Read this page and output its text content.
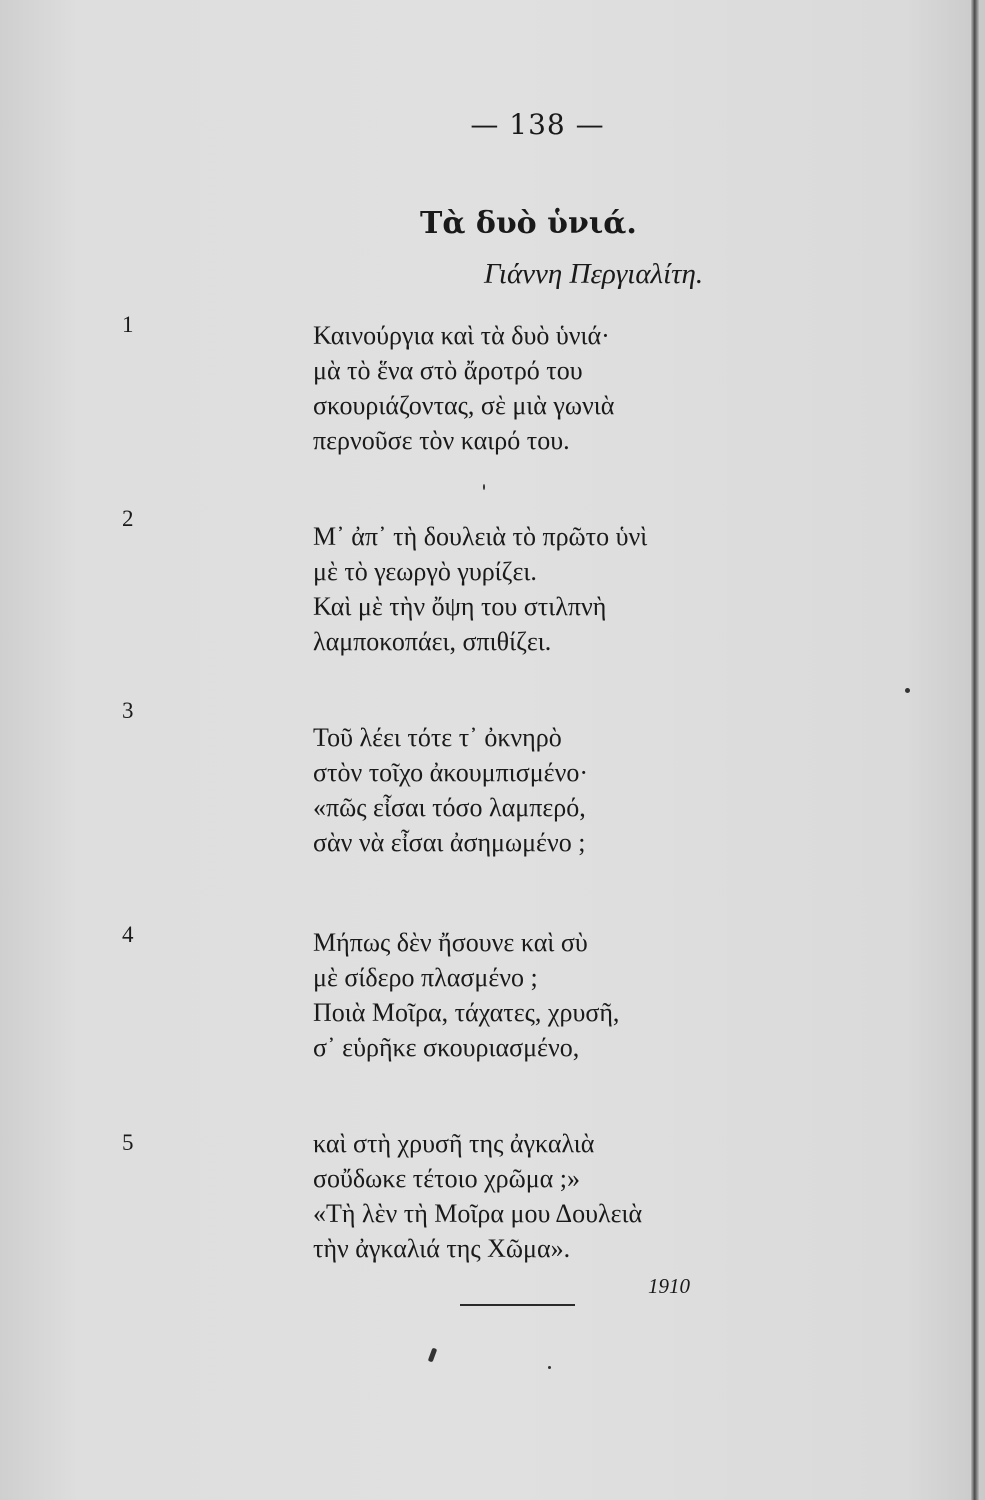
— 138 —
Τὰ δυὸ ὑνιά.
Γιάννη Περγιαλίτη.
1	Καινούργια καὶ τὰ δυὸ ὑνιά·
μὰ τὸ ἕνα στὸ ἄροτρό του
σκουριάζοντας, σὲ μιὰ γωνιὰ
περνοῦσε τὸν καιρό του.
2
Μ᾽ ἀπ᾽ τὴ δουλειὰ τὸ πρῶτο ὑνὶ
μὲ τὸ γεωργὸ γυρίζει.
Καὶ μὲ τὴν ὄψη του στιλπνὴ
λαμποκοπάει, σπιθίζει.
3
Τοῦ λέει τότε τ᾽ ὀκνηρὸ
στὸν τοῖχο ἀκουμπισμένο·
«πῶς εἶσαι τόσο λαμπερό,
σὰν νὰ εἶσαι ἀσημωμένο ;
4	Μήπως δὲν ἤσουνε καὶ σὺ
μὲ σίδερο πλασμένο ;
Ποιὰ Μοῖρα, τάχατες, χρυσῆ,
σ᾽ εὑρῆκε σκουριασμένο,
5	καὶ στὴ χρυσῆ της ἀγκαλιὰ
σοὔδωκε τέτοιο χρῶμα ;»
«Τὴ λὲν τὴ Μοῖρα μου Δουλειὰ
τὴν ἀγκαλιά της Χῶμα».
1910
